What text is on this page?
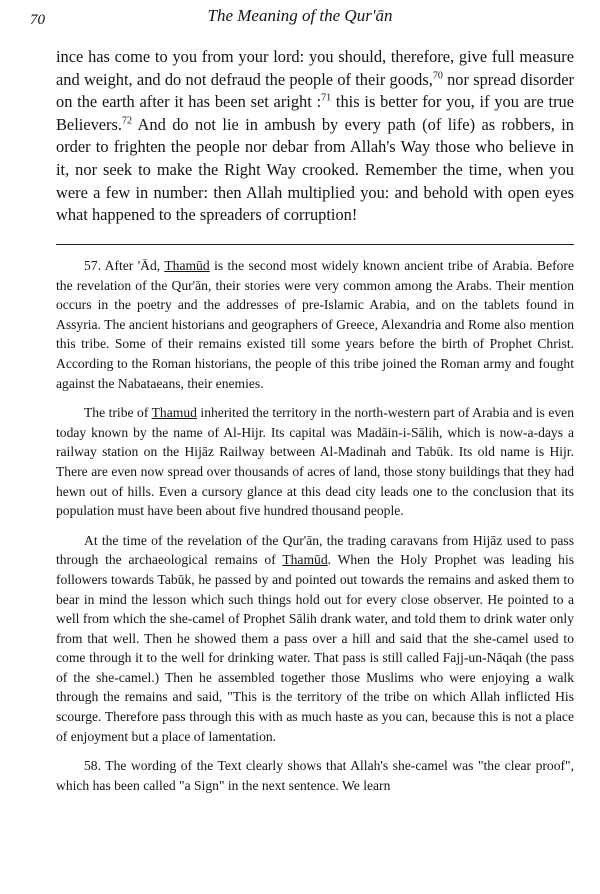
70	The Meaning of the Qur'ān
ince has come to you from your lord: you should, therefore, give full measure and weight, and do not defraud the people of their goods,$^{70}$ nor spread disorder on the earth after it has been set aright :$^{71}$ this is better for you, if you are true Believers.$^{72}$ And do not lie in ambush by every path (of life) as robbers, in order to frighten the people nor debar from Allah's Way those who believe in it, nor seek to make the Right Way crooked. Remember the time, when you were a few in number: then Allah multiplied you: and behold with open eyes what happened to the spreaders of corruption!

57. After 'Ād, Thamūd is the second most widely known ancient tribe of Arabia. Before the revelation of the Qur'ān, their stories were very common among the Arabs. Their mention occurs in the poetry and the addresses of pre-Islamic Arabia, and on the tablets found in Assyria. The ancient historians and geographers of Greece, Alexandria and Rome also mention this tribe. Some of their remains existed till some years before the birth of Prophet Christ. According to the Roman historians, the people of this tribe joined the Roman army and fought against the Nabataeans, their enemies.

The tribe of Thamud inherited the territory in the north-western part of Arabia and is even today known by the name of Al-Hijr. Its capital was Madāin-i-Sālih, which is now-a-days a railway station on the Hijāz Railway between Al-Madinah and Tabūk. Its old name is Hijr. There are even now spread over thousands of acres of land, those stony buildings that they had hewn out of hills. Even a cursory glance at this dead city leads one to the conclusion that its population must have been about five hundred thousand people.

At the time of the revelation of the Qur'ān, the trading caravans from Hijāz used to pass through the archaeological remains of Thamūd. When the Holy Prophet was leading his followers towards Tabūk, he passed by and pointed out towards the remains and asked them to bear in mind the lesson which such things hold out for every close observer. He pointed to a well from which the she-camel of Prophet Sālih drank water, and told them to drink water only from that well. Then he showed them a pass over a hill and said that the she-camel used to come through it to the well for drinking water. That pass is still called Fajj-un-Nāqah (the pass of the she-camel.) Then he assembled together those Muslims who were enjoying a walk through the remains and said, "This is the territory of the tribe on which Allah inflicted His scourge. Therefore pass through this with as much haste as you can, because this is not a place of enjoyment but a place of lamentation.

58. The wording of the Text clearly shows that Allah's she-camel was "the clear proof", which has been called "a Sign" in the next sentence. We learn
